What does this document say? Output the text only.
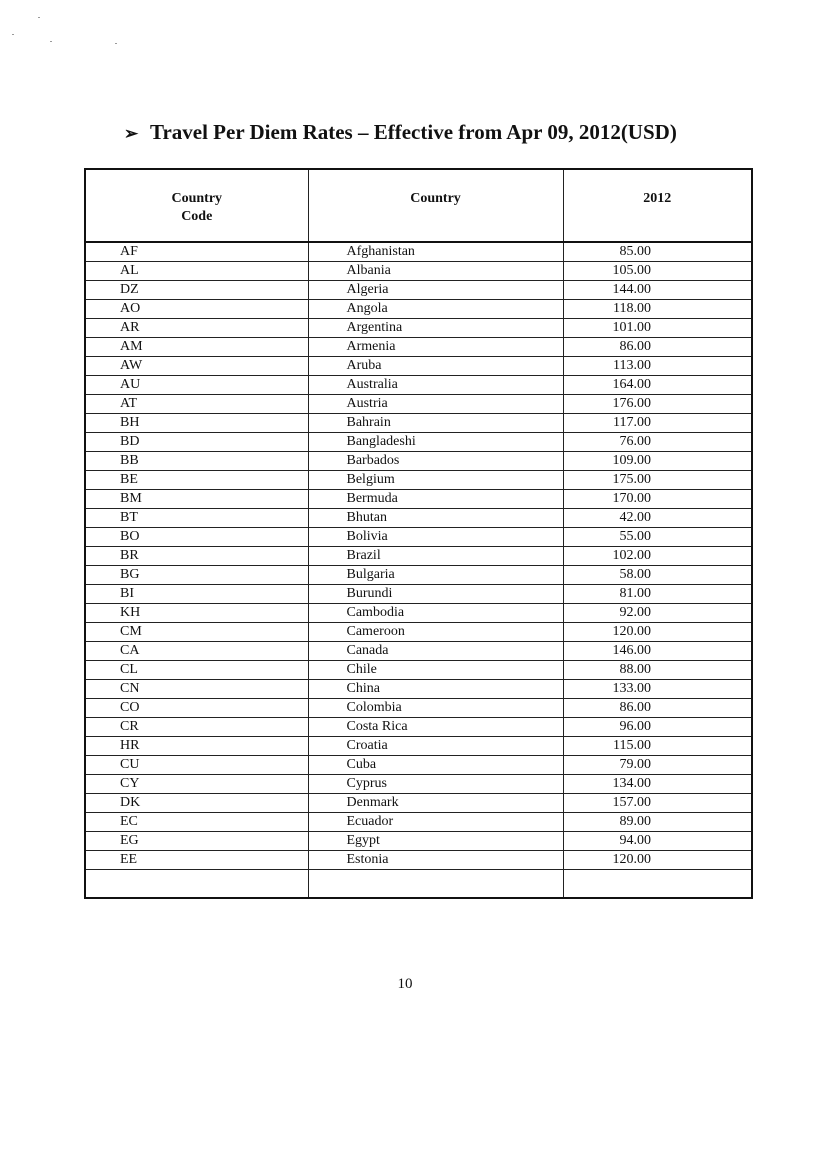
➢ Travel Per Diem Rates – Effective from Apr 09, 2012(USD)
Country Code	Country	2012
AF	Afghanistan	85.00
AL	Albania	105.00
DZ	Algeria	144.00
AO	Angola	118.00
AR	Argentina	101.00
AM	Armenia	86.00
AW	Aruba	113.00
AU	Australia	164.00
AT	Austria	176.00
BH	Bahrain	117.00
BD	Bangladeshi	76.00
BB	Barbados	109.00
BE	Belgium	175.00
BM	Bermuda	170.00
BT	Bhutan	42.00
BO	Bolivia	55.00
BR	Brazil	102.00
BG	Bulgaria	58.00
BI	Burundi	81.00
KH	Cambodia	92.00
CM	Cameroon	120.00
CA	Canada	146.00
CL	Chile	88.00
CN	China	133.00
CO	Colombia	86.00
CR	Costa Rica	96.00
HR	Croatia	115.00
CU	Cuba	79.00
CY	Cyprus	134.00
DK	Denmark	157.00
EC	Ecuador	89.00
EG	Egypt	94.00
EE	Estonia	120.00

10
